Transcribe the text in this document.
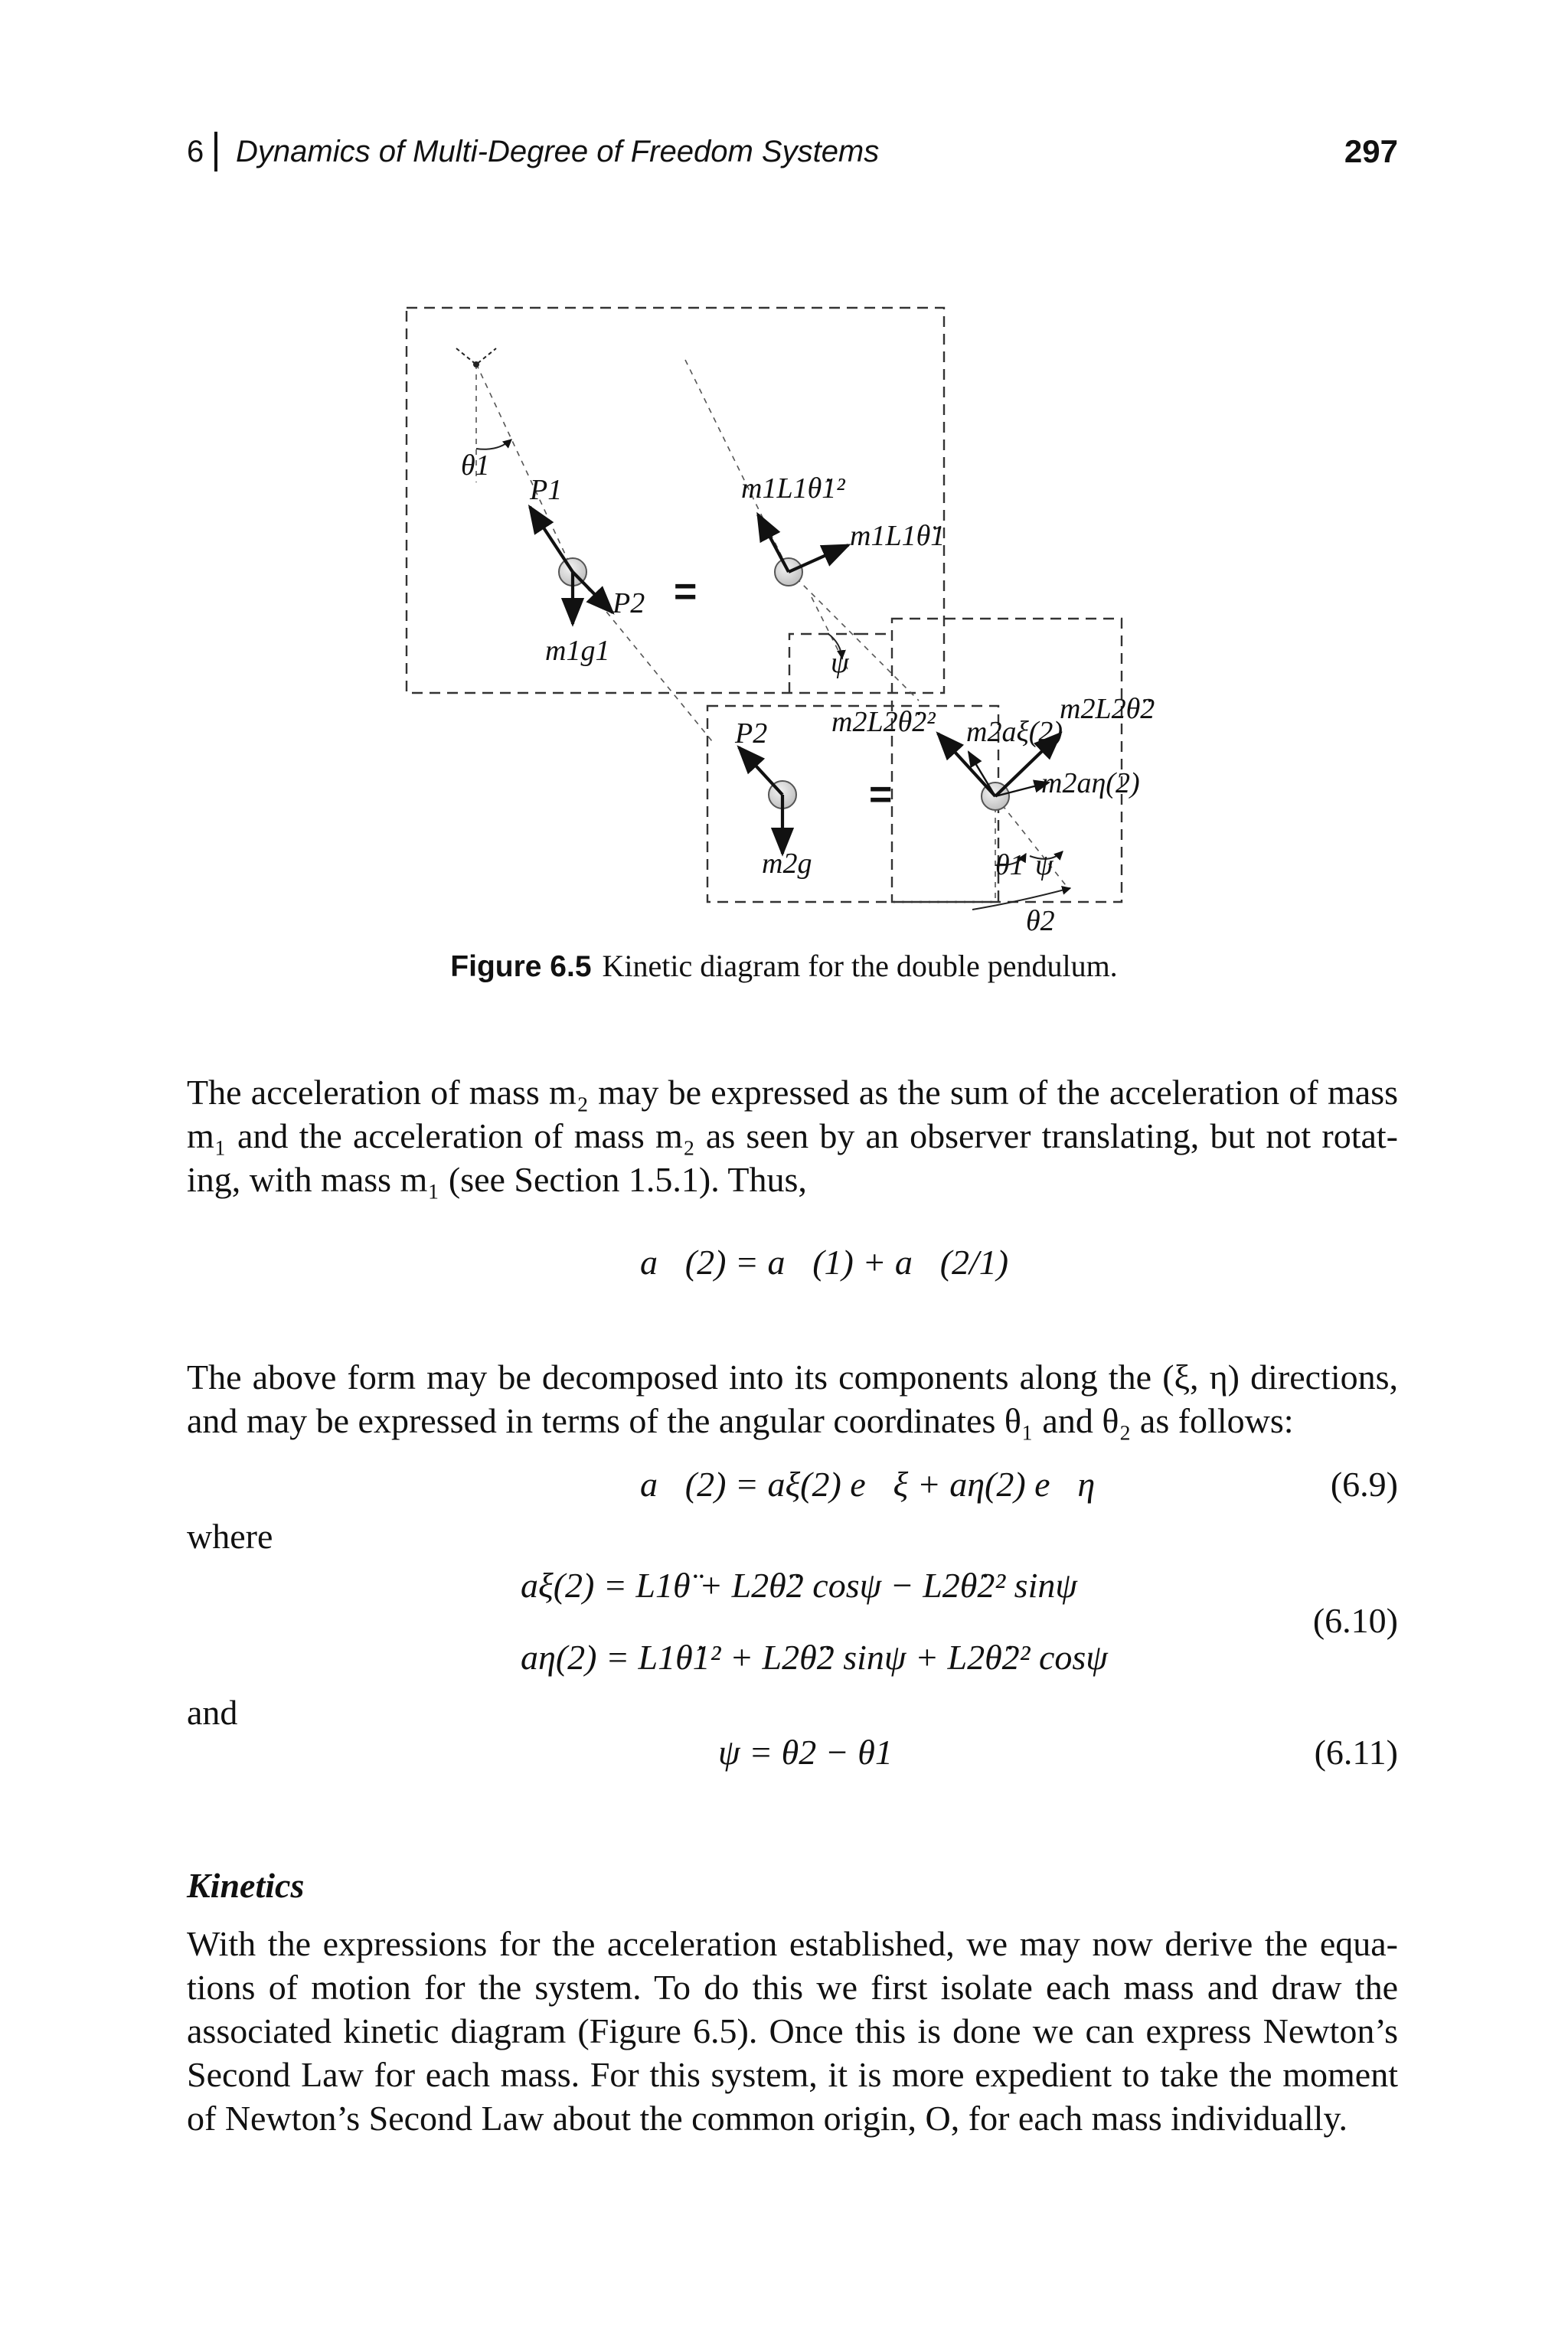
6 Dynamics of Multi-Degree of Freedom Systems	297
=
=
θ1
P1
P2
m1g1
m1L1θ̇1²
m1L1θ̈1
ψ
P2
m2g
m2L2θ̇2² m2aξ(2)
m2L2θ̈2
m2aη(2)
θ1 ψ
θ2
Figure 6.5 Kinetic diagram for the double pendulum.
The acceleration of mass m₂ may be expressed as the sum of the acceleration of mass
m₁ and the acceleration of mass m₂ as seen by an observer translating, but not rotat-
ing, with mass m₁ (see Section 1.5.1). Thus,
a⃗(2) = a⃗(1) + a⃗(2/1)
The above form may be decomposed into its components along the (ξ, η) directions,
and may be expressed in terms of the angular coordinates θ₁ and θ₂ as follows:
a⃗(2) = aξ(2) e⃗ξ + aη(2) e⃗η	(6.9)
where
aξ(2) = L1θ̈ + L2θ̈2 cosψ − L2θ̇2² sinψ
aη(2) = L1θ̇1² + L2θ̈2 sinψ + L2θ̇2² cosψ
(6.10)
and
ψ = θ2 − θ1	(6.11)
Kinetics
With the expressions for the acceleration established, we may now derive the equa-
tions of motion for the system. To do this we first isolate each mass and draw the
associated kinetic diagram (Figure 6.5). Once this is done we can express Newton’s
Second Law for each mass. For this system, it is more expedient to take the moment
of Newton’s Second Law about the common origin, O, for each mass individually.
